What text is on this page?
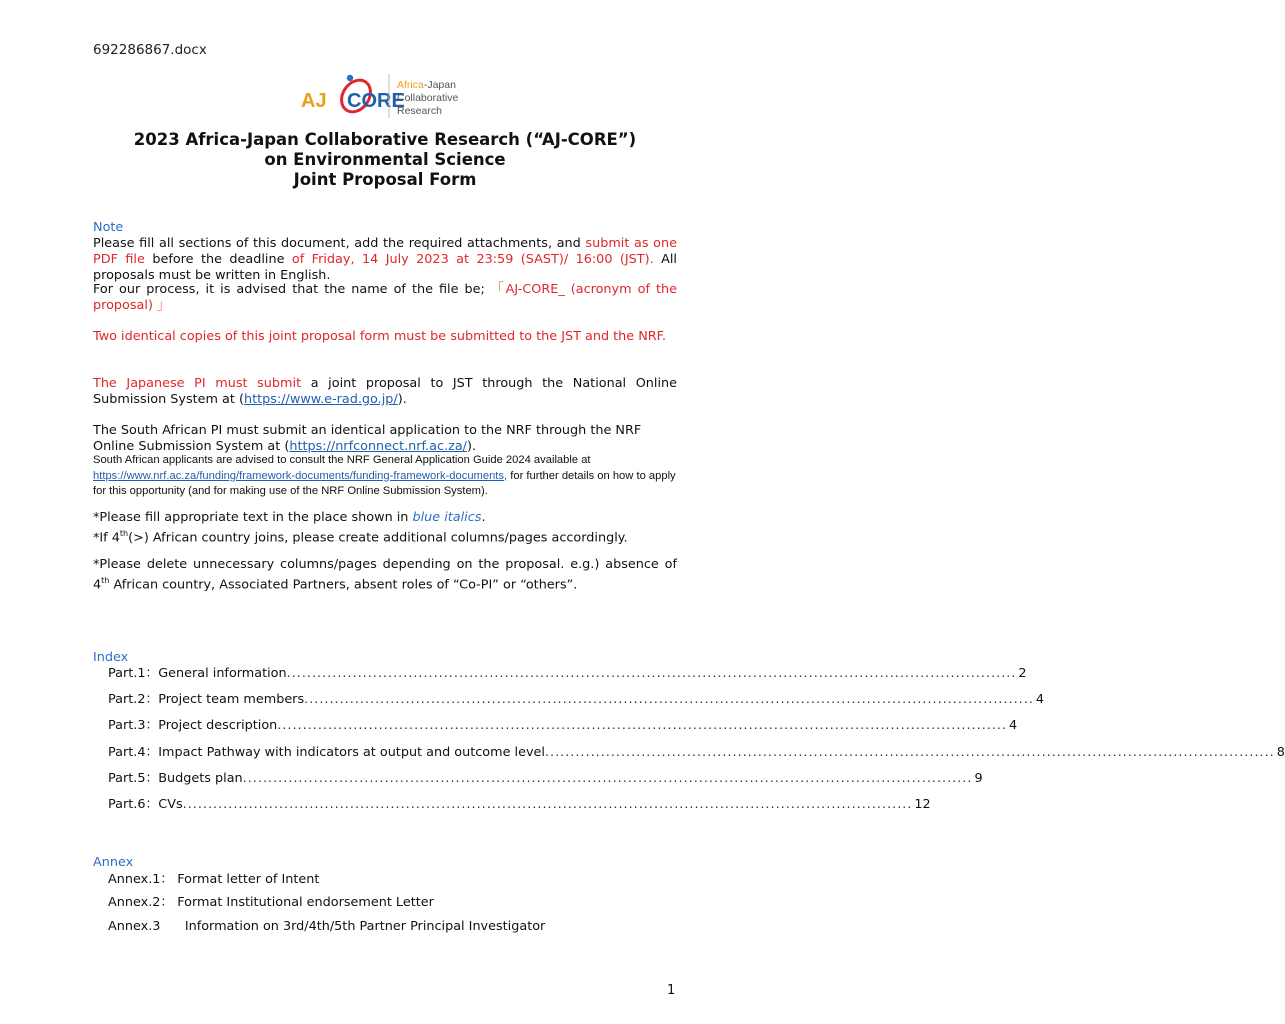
692286867.docx
AJ CORE
Africa-Japan
Collaborative
Research
2023 Africa-Japan Collaborative Research (“AJ-CORE”)
on Environmental Science
Joint Proposal Form
Note
Please fill all sections of this document, add the required attachments, and submit as one PDF file before the deadline of Friday, 14 July 2023 at 23:59 (SAST)/ 16:00 (JST). All proposals must be written in English.
For our process, it is advised that the name of the file be; 「AJ-CORE_ (acronym of the proposal) 」
Two identical copies of this joint proposal form must be submitted to the JST and the NRF.
The Japanese PI must submit a joint proposal to JST through the National Online Submission System at (https://www.e-rad.go.jp/).
The South African PI must submit an identical application to the NRF through the NRF Online Submission System at (https://nrfconnect.nrf.ac.za/).
South African applicants are advised to consult the NRF General Application Guide 2024 available at https://www.nrf.ac.za/funding/framework-documents/funding-framework-documents, for further details on how to apply for this opportunity (and for making use of the NRF Online Submission System).
*Please fill appropriate text in the place shown in blue italics.
*If 4th(>) African country joins, please create additional columns/pages accordingly.
*Please delete unnecessary columns/pages depending on the proposal. e.g.) absence of 4th African country, Associated Partners, absent roles of “Co-PI” or “others”.
Index
Part.1：General information ................................................................................................................................................ 2
Part.2：Project team members ................................................................................................................................................ 4
Part.3：Project description ................................................................................................................................................ 4
Part.4：Impact Pathway with indicators at output and outcome level ................................................................................................................................................ 8
Part.5：Budgets plan ................................................................................................................................................ 9
Part.6：CVs ................................................................................................................................................ 12
Annex
Annex.1： Format letter of Intent
Annex.2： Format Institutional endorsement Letter
Annex.3      Information on 3rd/4th/5th Partner Principal Investigator
1
